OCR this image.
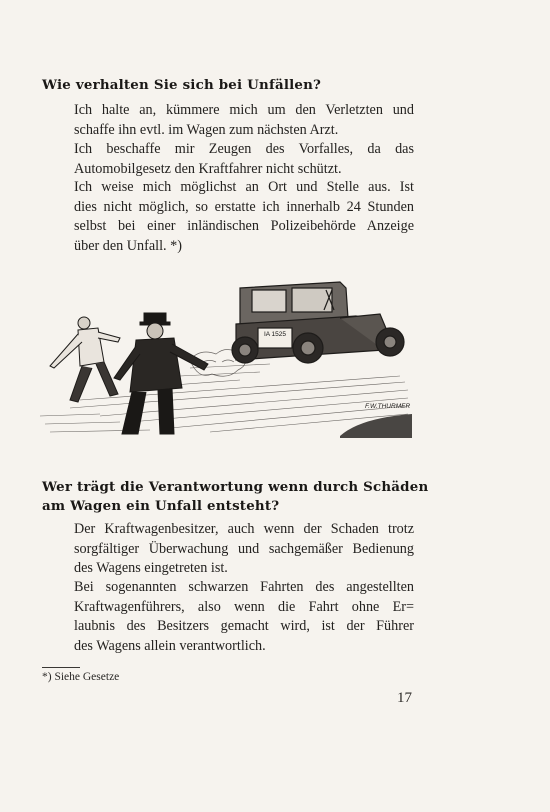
Wie verhalten Sie sich bei Unfällen?
Ich halte an, kümmere mich um den Verletzten und
schaffe ihn evtl. im Wagen zum nächsten Arzt.
Ich beschaffe mir Zeugen des Vorfalles, da das
Automobilgesetz den Kraftfahrer nicht schützt.
Ich weise mich möglichst an Ort und Stelle aus. Ist
dies nicht möglich, so erstatte ich innerhalb 24 Stunden
selbst bei einer inländischen Polizeibehörde Anzeige
über den Unfall. *)
IA 1525
F.W.THURMER
Wer trägt die Verantwortung wenn durch Schäden
am Wagen ein Unfall entsteht?
Der Kraftwagenbesitzer, auch wenn der Schaden trotz
sorgfältiger Überwachung und sachgemäßer Bedienung
des Wagens eingetreten ist.
Bei sogenannten schwarzen Fahrten des angestellten
Kraftwagenführers, also wenn die Fahrt ohne Er=
laubnis des Besitzers gemacht wird, ist der Führer
des Wagens allein verantwortlich.
*) Siehe Gesetze
17
